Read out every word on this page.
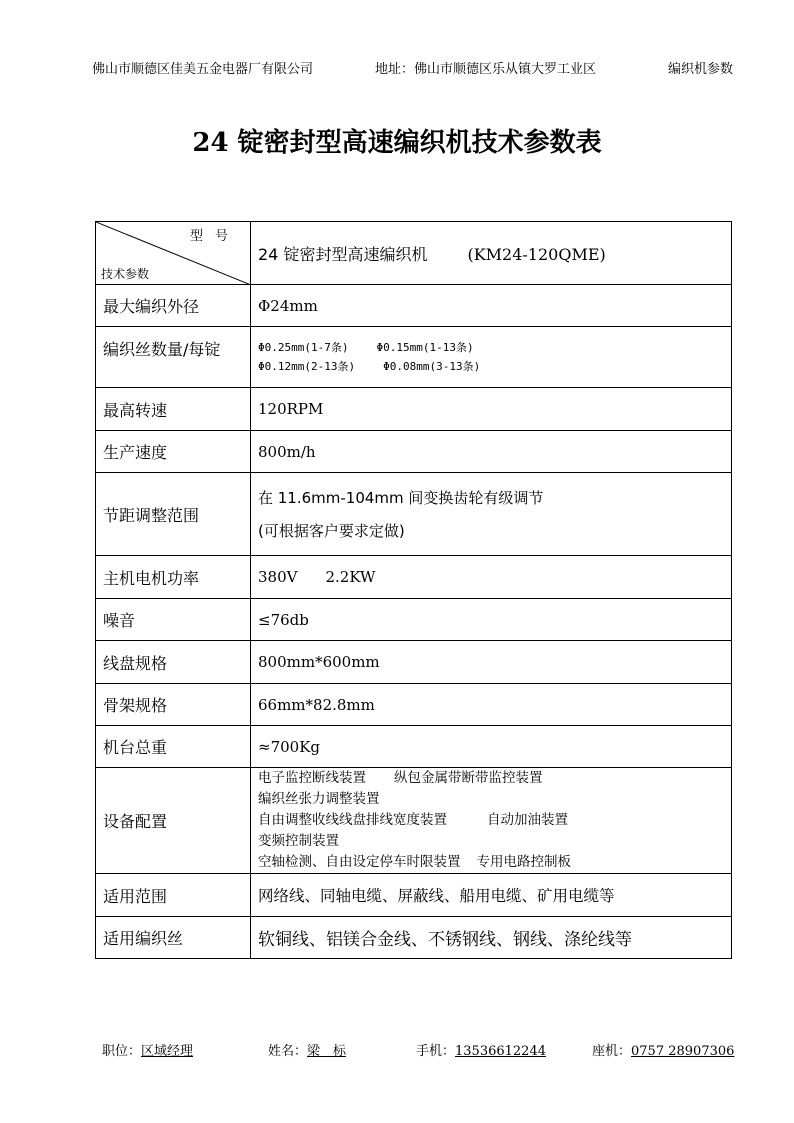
佛山市顺德区佳美五金电器厂有限公司	地址：佛山市顺德区乐从镇大罗工业区	编织机参数
24 锭密封型高速编织机技术参数表
型号
技术参数	24 锭密封型高速编织机 (KM24-120QME)
最大编织外径	Φ24mm
编织丝数量/每锭	Φ0.25mm(1-7条) Φ0.15mm(1-13条)
Φ0.12mm(2-13条) Φ0.08mm(3-13条)

最高转速	120RPM
生产速度	800m/h
节距调整范围	在 11.6mm-104mm 间变换齿轮有级调节
(可根据客户要求定做)

主机电机功率	380V 2.2KW
噪音	≤76db
线盘规格	800mm*600mm
骨架规格	66mm*82.8mm
机台总重	≈700Kg
设备配置	电子监控断线装置 纵包金属带断带监控装置
编织丝张力调整装置
自由调整收线线盘排线宽度装置 自动加油装置
变频控制装置
空轴检测、自由设定停车时限装置 专用电路控制板

适用范围	网络线、同轴电缆、屏蔽线、船用电缆、矿用电缆等
适用编织丝	软铜线、铝镁合金线、不锈钢线、钢线、涤纶线等
职位：区域经理	姓名：梁　标	手机：13536612244	座机：0757 28907306
